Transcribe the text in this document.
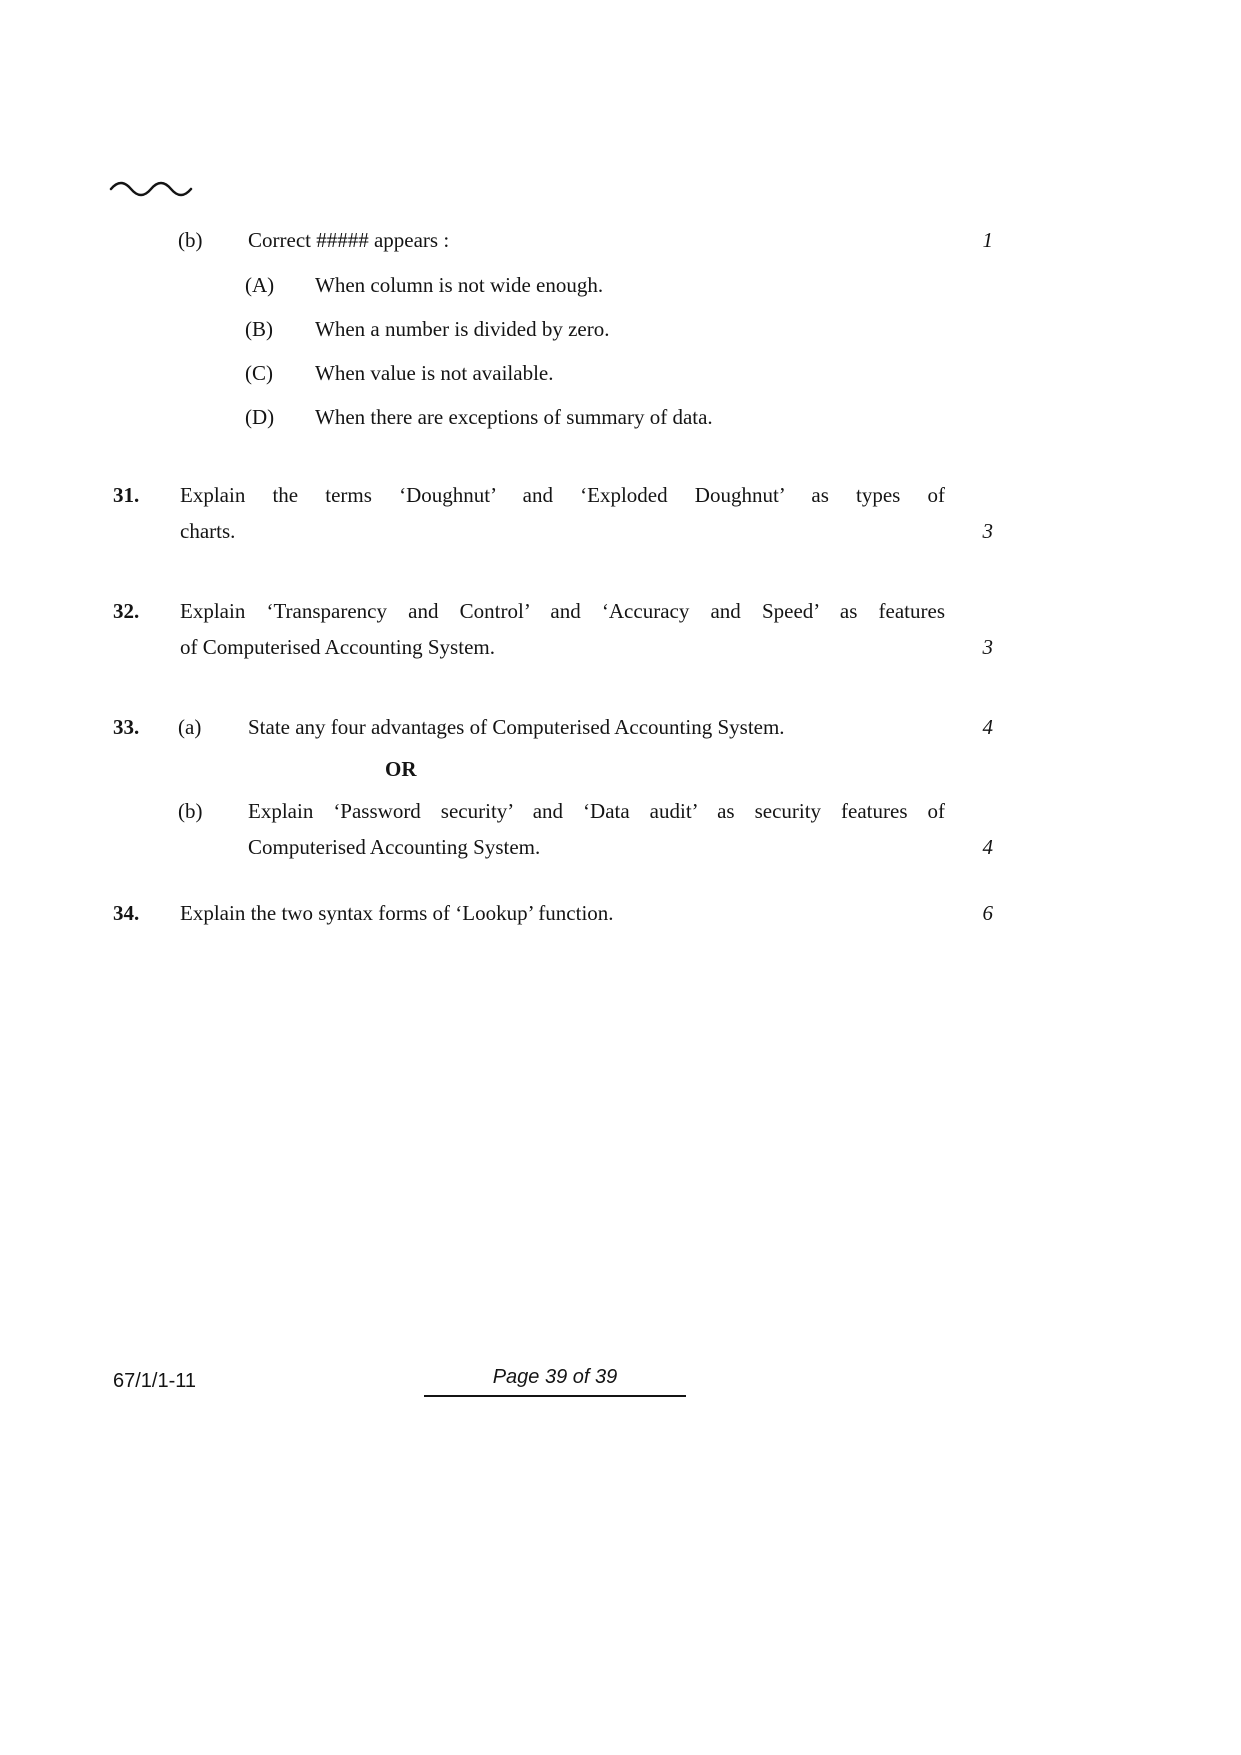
(b) Correct ##### appears :	1
(A) When column is not wide enough.
(B) When a number is divided by zero.
(C) When value is not available.
(D) When there are exceptions of summary of data.
31. Explain the terms ‘Doughnut’ and ‘Exploded Doughnut’ as types of
charts.	3
32. Explain ‘Transparency and Control’ and ‘Accuracy and Speed’ as features
of Computerised Accounting System.	3
33. (a) State any four advantages of Computerised Accounting System.	4
OR
(b) Explain ‘Password security’ and ‘Data audit’ as security features of
Computerised Accounting System.	4
34. Explain the two syntax forms of ‘Lookup’ function.	6
67/1/1-11	Page 39 of 39
